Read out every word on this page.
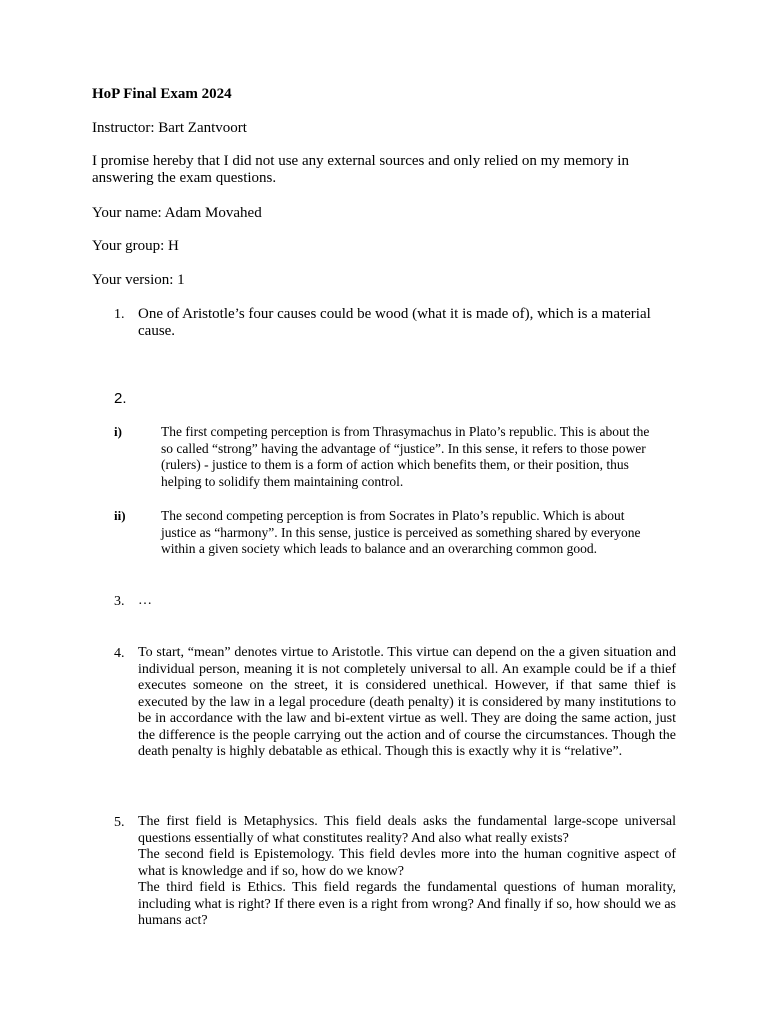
HoP Final Exam 2024
Instructor: Bart Zantvoort
I promise hereby that I did not use any external sources and only relied on my memory in answering the exam questions.
Your name: Adam Movahed
Your group: H
Your version: 1
1. One of Aristotle’s four causes could be wood (what it is made of), which is a material cause.
2.
i)	The first competing perception is from Thrasymachus in Plato’s republic. This is about the
so called “strong” having the advantage of “justice”. In this sense, it refers to those power
(rulers) - justice to them is a form of action which benefits them, or their position, thus
helping to solidify them maintaining control.
ii)	The second competing perception is from Socrates in Plato’s republic. Which is about
justice as “harmony”. In this sense, justice is perceived as something shared by everyone
within a given society which leads to balance and an overarching common good.
3. …
4. To start, “mean” denotes virtue to Aristotle. This virtue can depend on the a given situation and individual person, meaning it is not completely universal to all. An example could be if a thief executes someone on the street, it is considered unethical. However, if that same thief is executed by the law in a legal procedure (death penalty) it is considered by many institutions to be in accordance with the law and bi-extent virtue as well. They are doing the same action, just the difference is the people carrying out the action and of course the circumstances. Though the death penalty is highly debatable as ethical. Though this is exactly why it is “relative”.
5. The first field is Metaphysics. This field deals asks the fundamental large-scope universal questions essentially of what constitutes reality? And also what really exists?
The second field is Epistemology. This field devles more into the human cognitive aspect of what is knowledge and if so, how do we know?
The third field is Ethics. This field regards the fundamental questions of human morality, including what is right? If there even is a right from wrong? And finally if so, how should we as humans act?
